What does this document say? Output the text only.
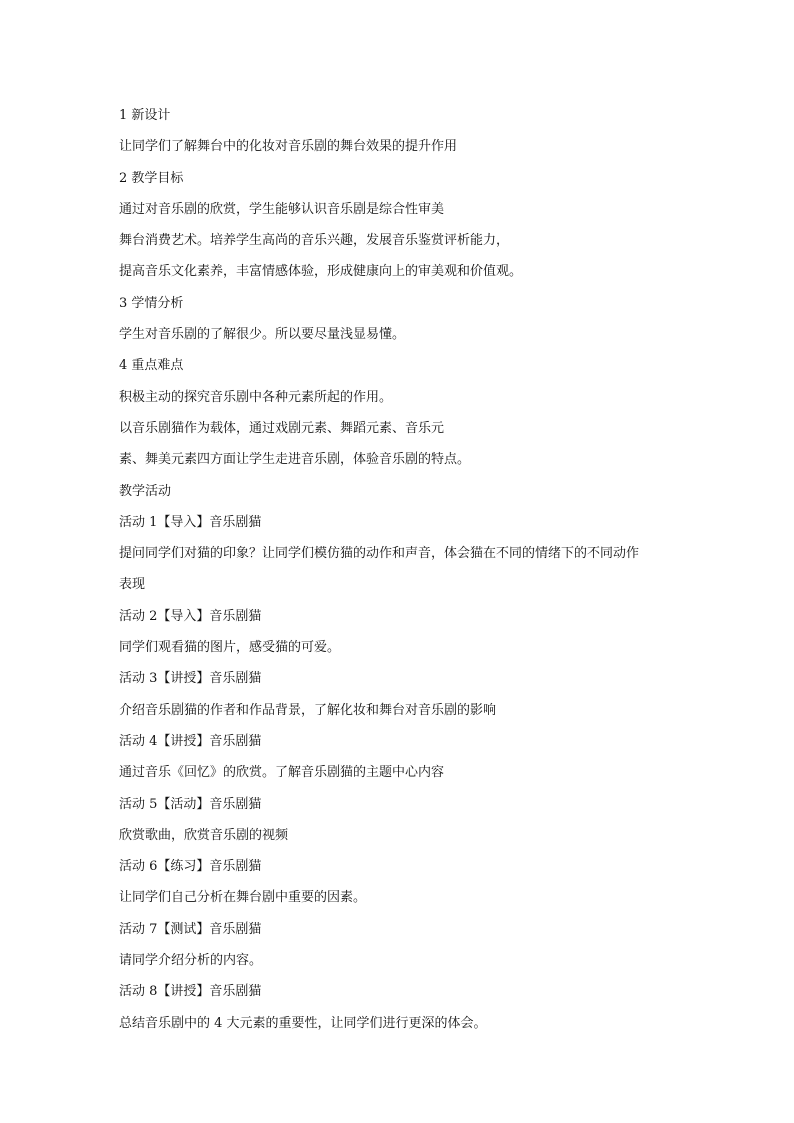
1 新设计
让同学们了解舞台中的化妆对音乐剧的舞台效果的提升作用
2 教学目标
通过对音乐剧的欣赏，学生能够认识音乐剧是综合性审美
舞台消费艺术。培养学生高尚的音乐兴趣，发展音乐鉴赏评析能力，
提高音乐文化素养，丰富情感体验，形成健康向上的审美观和价值观。
3 学情分析
学生对音乐剧的了解很少。所以要尽量浅显易懂。
4 重点难点
积极主动的探究音乐剧中各种元素所起的作用。
以音乐剧猫作为载体，通过戏剧元素、舞蹈元素、音乐元
素、舞美元素四方面让学生走进音乐剧，体验音乐剧的特点。
教学活动
活动 1【导入】音乐剧猫
提问同学们对猫的印象？让同学们模仿猫的动作和声音，体会猫在不同的情绪下的不同动作
表现
活动 2【导入】音乐剧猫
同学们观看猫的图片，感受猫的可爱。
活动 3【讲授】音乐剧猫
介绍音乐剧猫的作者和作品背景，了解化妆和舞台对音乐剧的影响
活动 4【讲授】音乐剧猫
通过音乐《回忆》的欣赏。了解音乐剧猫的主题中心内容
活动 5【活动】音乐剧猫
欣赏歌曲，欣赏音乐剧的视频
活动 6【练习】音乐剧猫
让同学们自己分析在舞台剧中重要的因素。
活动 7【测试】音乐剧猫
请同学介绍分析的内容。
活动 8【讲授】音乐剧猫
总结音乐剧中的 4 大元素的重要性，让同学们进行更深的体会。
